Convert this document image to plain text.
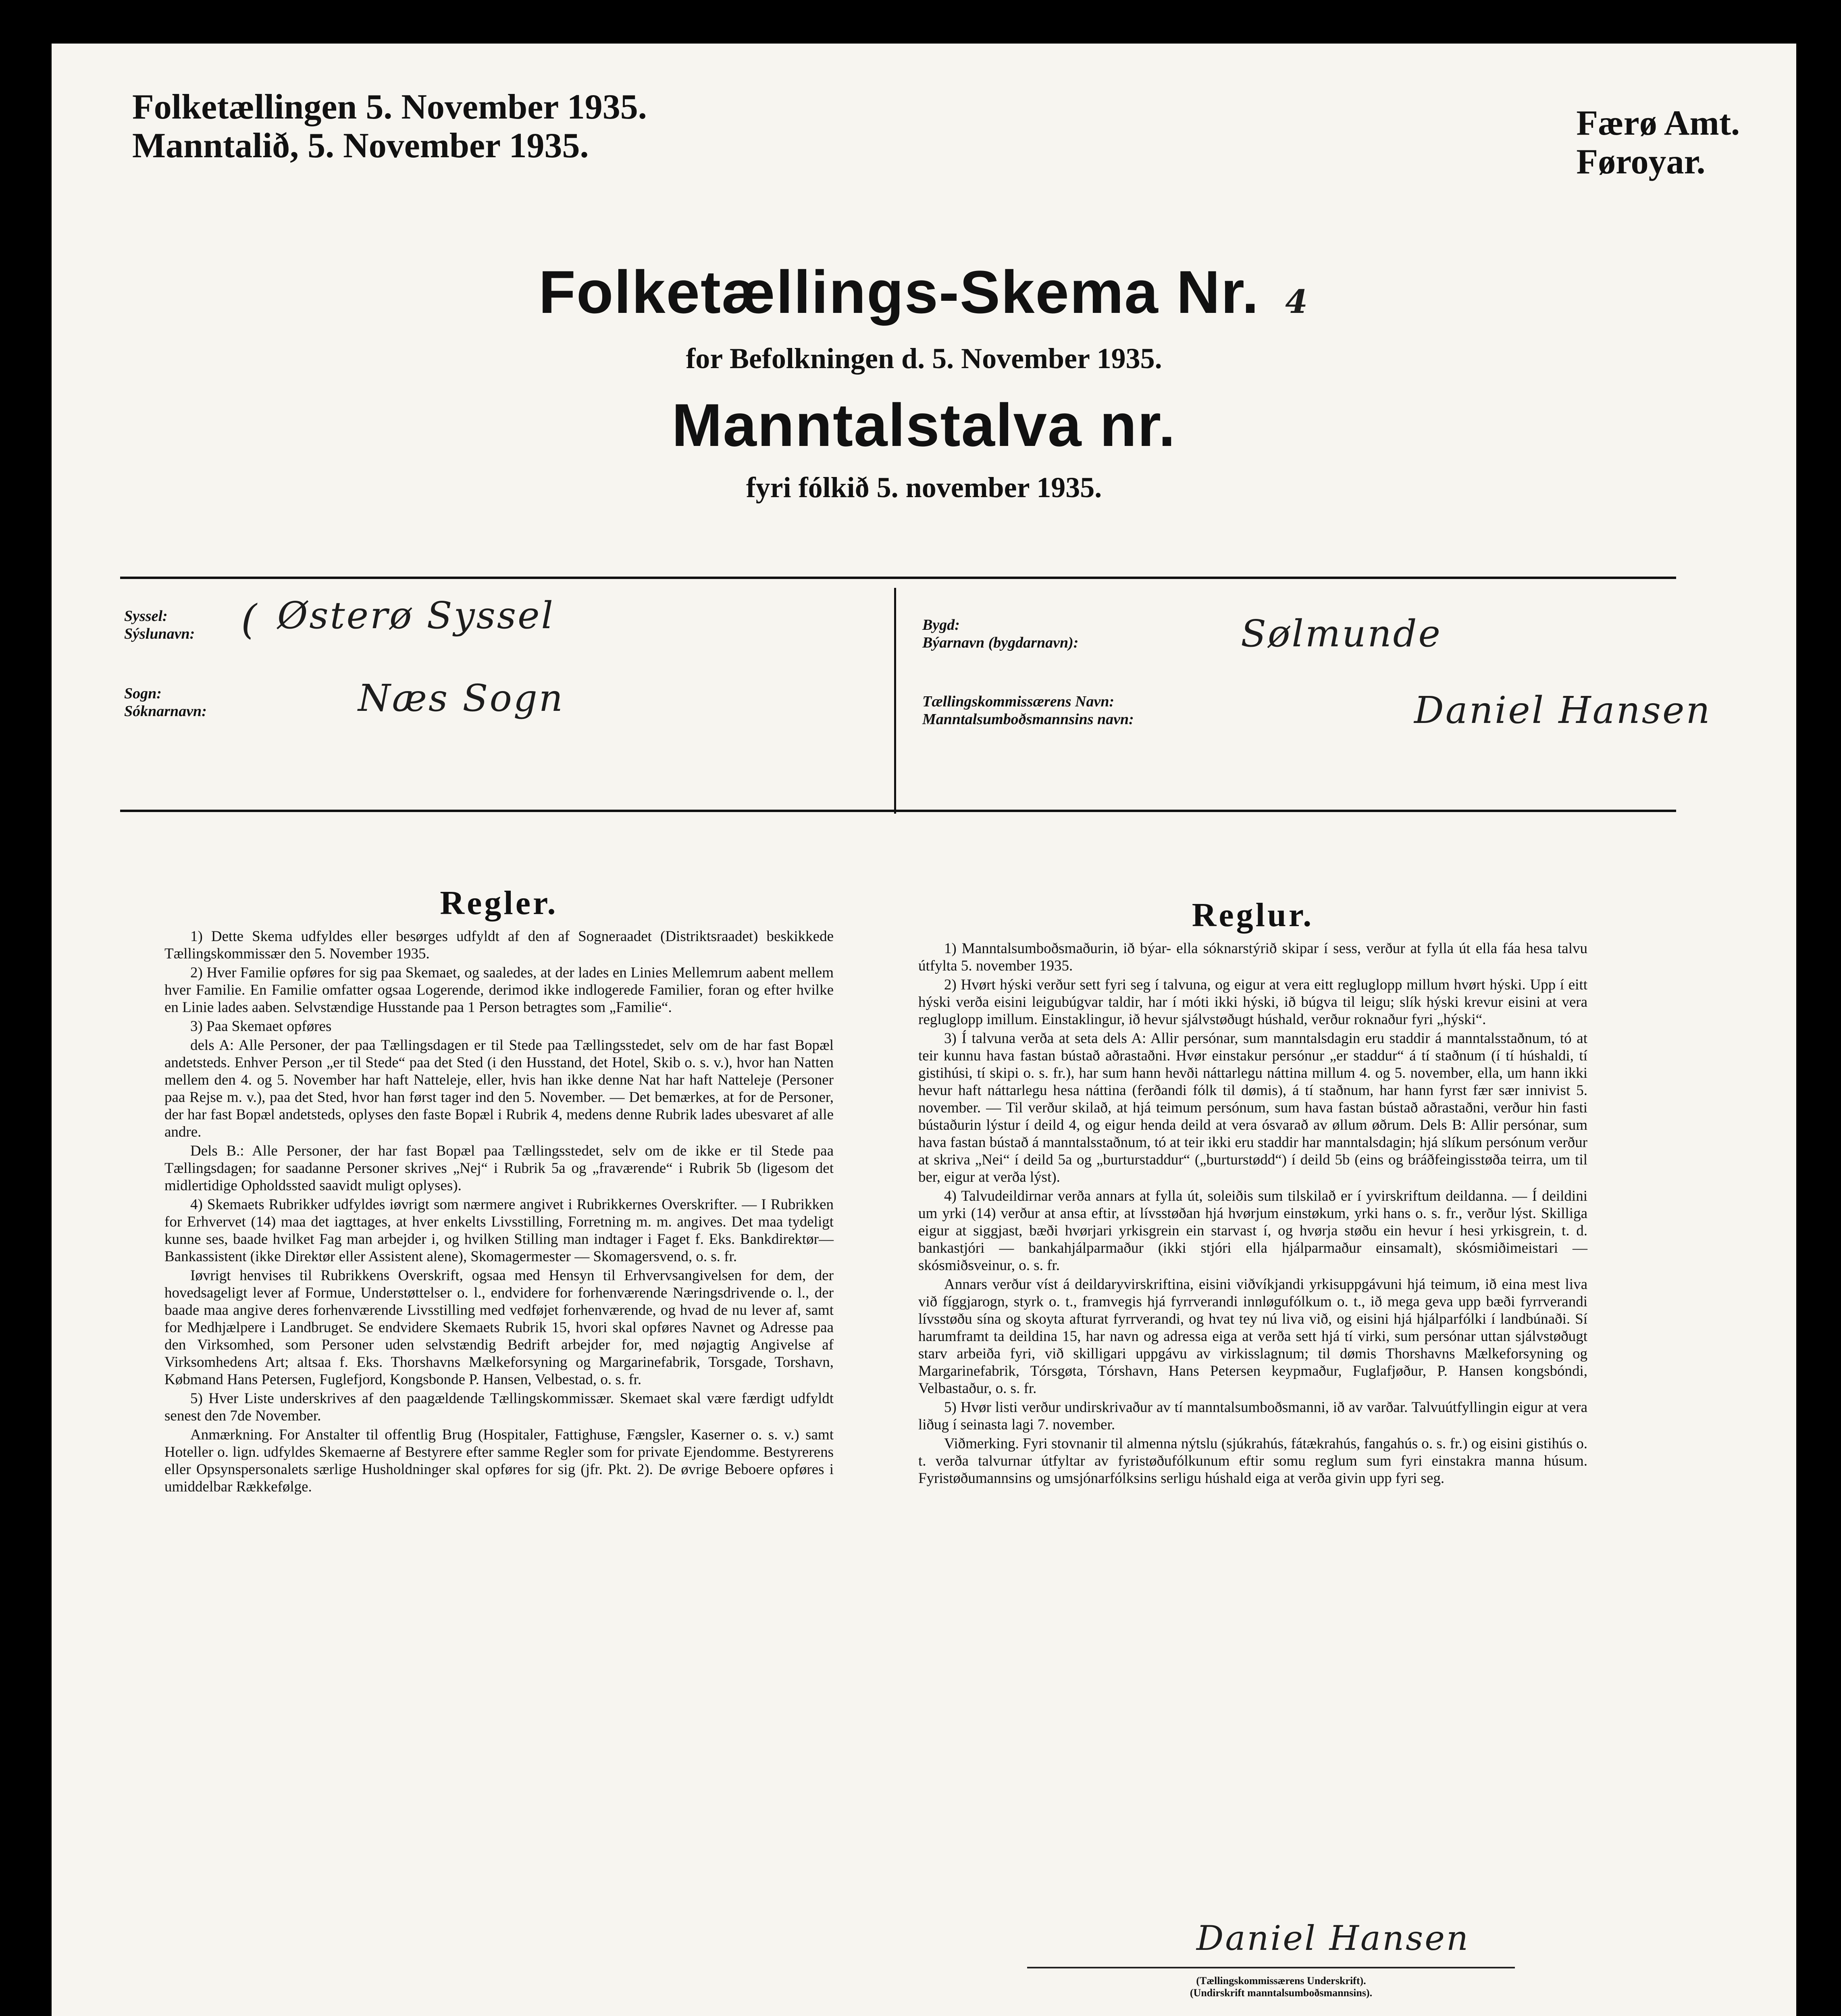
Folketællingen 5. November 1935.
Manntalið, 5. November 1935.
Færø Amt.
Føroyar.
Folketællings-Skema Nr. 4
for Befolkningen d. 5. November 1935.
Manntalstalva nr.
fyri fólkið 5. november 1935.
Syssel:
Sýslunavn: ( Østerø Syssel
Sogn:
Sóknarnavn:	Næs Sogn
Bygd:
Býarnavn (bygdarnavn):	Sølmunde
Tællingskommissærens Navn:
Manntalsumboðsmannsins navn:	Daniel Hansen
Regler.

1) Dette Skema udfyldes eller besørges udfyldt af den af Sogneraadet (Distriktsraadet) beskikkede Tællingskommissær den 5. November 1935.

2) Hver Familie opføres for sig paa Skemaet, og saaledes, at der lades en Linies Mellemrum aabent mellem hver Familie. En Familie omfatter ogsaa Logerende, derimod ikke indlogerede Familier, foran og efter hvilke en Linie lades aaben. Selvstændige Husstande paa 1 Person betragtes som „Familie“.

3) Paa Skemaet opføres

dels A: Alle Personer, der paa Tællingsdagen er til Stede paa Tællingsstedet, selv om de har fast Bopæl andetsteds. Enhver Person „er til Stede“ paa det Sted (i den Husstand, det Hotel, Skib o. s. v.), hvor han Natten mellem den 4. og 5. November har haft Natteleje, eller, hvis han ikke denne Nat har haft Natteleje (Personer paa Rejse m. v.), paa det Sted, hvor han først tager ind den 5. November. — Det bemærkes, at for de Personer, der har fast Bopæl andetsteds, oplyses den faste Bopæl i Rubrik 4, medens denne Rubrik lades ubesvaret af alle andre.

Dels B.: Alle Personer, der har fast Bopæl paa Tællingsstedet, selv om de ikke er til Stede paa Tællingsdagen; for saadanne Personer skrives „Nej“ i Rubrik 5a og „fraværende“ i Rubrik 5b (ligesom det midlertidige Opholdssted saavidt muligt oplyses).

4) Skemaets Rubrikker udfyldes iøvrigt som nærmere angivet i Rubrikkernes Overskrifter. — I Rubrikken for Erhvervet (14) maa det iagttages, at hver enkelts Livsstilling, Forretning m. m. angives. Det maa tydeligt kunne ses, baade hvilket Fag man arbejder i, og hvilken Stilling man indtager i Faget f. Eks. Bankdirektør—Bankassistent (ikke Direktør eller Assistent alene), Skomagermester — Skomagersvend, o. s. fr.

Iøvrigt henvises til Rubrikkens Overskrift, ogsaa med Hensyn til Erhvervsangivelsen for dem, der hovedsageligt lever af Formue, Understøttelser o. l., endvidere for forhenværende Næringsdrivende o. l., der baade maa angive deres forhenværende Livsstilling med vedføjet forhenværende, og hvad de nu lever af, samt for Medhjælpere i Landbruget. Se endvidere Skemaets Rubrik 15, hvori skal opføres Navnet og Adresse paa den Virksomhed, som Personer uden selvstændig Bedrift arbejder for, med nøjagtig Angivelse af Virksomhedens Art; altsaa f. Eks. Thorshavns Mælkeforsyning og Margarinefabrik, Torsgade, Torshavn, Købmand Hans Petersen, Fuglefjord, Kongsbonde P. Hansen, Velbestad, o. s. fr.

5) Hver Liste underskrives af den paagældende Tællingskommissær. Skemaet skal være færdigt udfyldt senest den 7de November.

Anmærkning. For Anstalter til offentlig Brug (Hospitaler, Fattighuse, Fængsler, Kaserner o. s. v.) samt Hoteller o. lign. udfyldes Skemaerne af Bestyrere efter samme Regler som for private Ejendomme. Bestyrerens eller Opsynspersonalets særlige Husholdninger skal opføres for sig (jfr. Pkt. 2). De øvrige Beboere opføres i umiddelbar Rækkefølge.

Reglur.

1) Manntalsumboðsmaðurin, ið býar- ella sóknarstýrið skipar í sess, verður at fylla út ella fáa hesa talvu útfylta 5. november 1935.

2) Hvørt hýski verður sett fyri seg í talvuna, og eigur at vera eitt regluglopp millum hvørt hýski. Upp í eitt hýski verða eisini leigubúgvar taldir, har í móti ikki hýski, ið búgva til leigu; slík hýski krevur eisini at vera regluglopp imillum. Einstaklingur, ið hevur sjálvstøðugt húshald, verður roknaður fyri „hýski“.

3) Í talvuna verða at seta dels A: Allir persónar, sum manntalsdagin eru staddir á manntalsstaðnum, tó at teir kunnu hava fastan bústað aðrastaðni. Hvør einstakur persónur „er staddur“ á tí staðnum (í tí húshaldi, tí gistihúsi, tí skipi o. s. fr.), har sum hann hevði náttarlegu náttina millum 4. og 5. november, ella, um hann ikki hevur haft náttarlegu hesa náttina (ferðandi fólk til dømis), á tí staðnum, har hann fyrst fær sær innivist 5. november. — Til verður skilað, at hjá teimum persónum, sum hava fastan bústað aðrastaðni, verður hin fasti bústaðurin lýstur í deild 4, og eigur henda deild at vera ósvarað av øllum øðrum. Dels B: Allir persónar, sum hava fastan bústað á manntalsstaðnum, tó at teir ikki eru staddir har manntalsdagin; hjá slíkum persónum verður at skriva „Nei“ í deild 5a og „burturstaddur“ („burturstødd“) í deild 5b (eins og bráðfeingisstøða teirra, um til ber, eigur at verða lýst).

4) Talvudeildirnar verða annars at fylla út, soleiðis sum tilskilað er í yvirskriftum deildanna. — Í deildini um yrki (14) verður at ansa eftir, at lívsstøðan hjá hvørjum einstøkum, yrki hans o. s. fr., verður lýst. Skilliga eigur at siggjast, bæði hvørjari yrkisgrein ein starvast í, og hvørja støðu ein hevur í hesi yrkisgrein, t. d. bankastjóri — bankahjálparmaður (ikki stjóri ella hjálparmaður einsamalt), skósmiðimeistari — skósmiðsveinur, o. s. fr.

Annars verður víst á deildaryvirskriftina, eisini viðvíkjandi yrkisuppgávuni hjá teimum, ið eina mest liva við fíggjarogn, styrk o. t., framvegis hjá fyrrverandi innløgufólkum o. t., ið mega geva upp bæði fyrrverandi lívsstøðu sína og skoyta afturat fyrrverandi, og hvat tey nú liva við, og eisini hjá hjálparfólki í landbúnaði. Sí harumframt ta deildina 15, har navn og adressa eiga at verða sett hjá tí virki, sum persónar uttan sjálvstøðugt starv arbeiða fyri, við skilligari uppgávu av virkisslagnum; til dømis Thorshavns Mælkeforsyning og Margarinefabrik, Tórsgøta, Tórshavn, Hans Petersen keypmaður, Fuglafjøður, P. Hansen kongsbóndi, Velbastaður, o. s. fr.

5) Hvør listi verður undirskrivaður av tí manntalsumboðsmanni, ið av varðar. Talvuútfyllingin eigur at vera liðug í seinasta lagi 7. november.

Viðmerking. Fyri stovnanir til almenna nýtslu (sjúkrahús, fátækrahús, fangahús o. s. fr.) og eisini gistihús o. t. verða talvurnar útfyltar av fyristøðufólkunum eftir somu reglum sum fyri einstakra manna húsum. Fyristøðumannsins og umsjónarfólksins serligu húshald eiga at verða givin upp fyri seg.

Daniel Hansen
(Tællingskommissærens Underskrift).
(Undirskrift manntalsumboðsmannsins).
